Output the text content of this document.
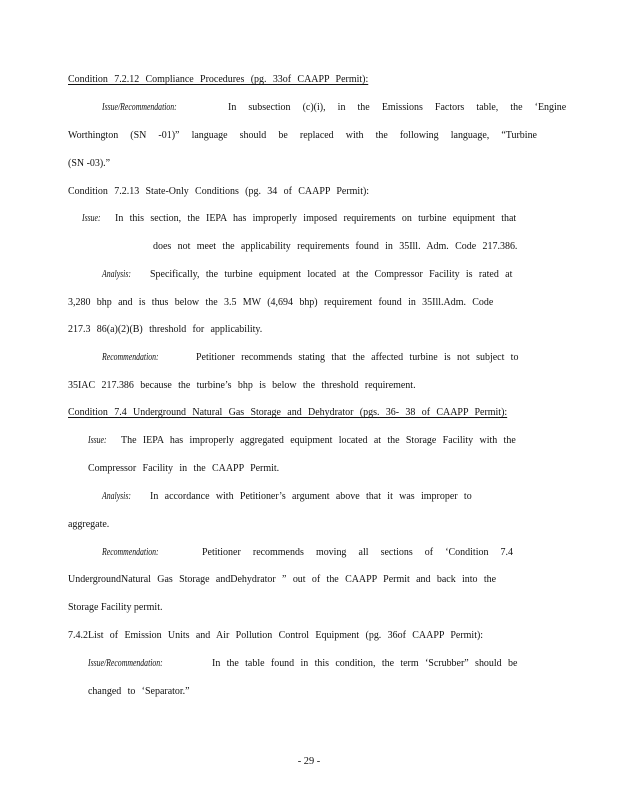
Condition 7.2.12 Compliance Procedures (pg. 33of CAAPP Permit):
Issue/Recommendation:	In subsection (c)(i), in the Emissions Factors table, the ‘Engine
Worthington (SN -01)” language should be replaced with the following language, “Turbine
(SN -03).”
Condition 7.2.13 State-Only Conditions (pg. 34 of CAAPP Permit):
Issue:	In this section, the IEPA has improperly imposed requirements on turbine equipment that
does not meet the applicability requirements found in 35Ill. Adm. Code 217.386.
Analysis:	Specifically, the turbine equipment located at the Compressor Facility is rated at
3,280 bhp and is thus below the 3.5 MW (4,694 bhp) requirement found in 35Ill.Adm. Code
217.3 86(a)(2)(B) threshold for applicability.
Recommendation:	Petitioner recommends stating that the affected turbine is not subject to
35IAC 217.386 because the turbine’s bhp is below the threshold requirement.
Condition 7.4 Underground Natural Gas Storage and Dehydrator (pgs. 36- 38 of CAAPP Permit):
Issue:	The IEPA has improperly aggregated equipment located at the Storage Facility with the
Compressor Facility in the CAAPP Permit.
Analysis:	In accordance with Petitioner’s argument above that it was improper to
aggregate.
Recommendation:	Petitioner recommends moving all sections of ‘Condition 7.4
UndergroundNatural Gas Storage andDehydrator ” out of the CAAPP Permit and back into the
Storage Facility permit.
7.4.2List of Emission Units and Air Pollution Control Equipment (pg. 36of CAAPP Permit):
Issue/Recommendation:	In the table found in this condition, the term ‘Scrubber” should be
changed to ‘Separator.”
- 29 -
